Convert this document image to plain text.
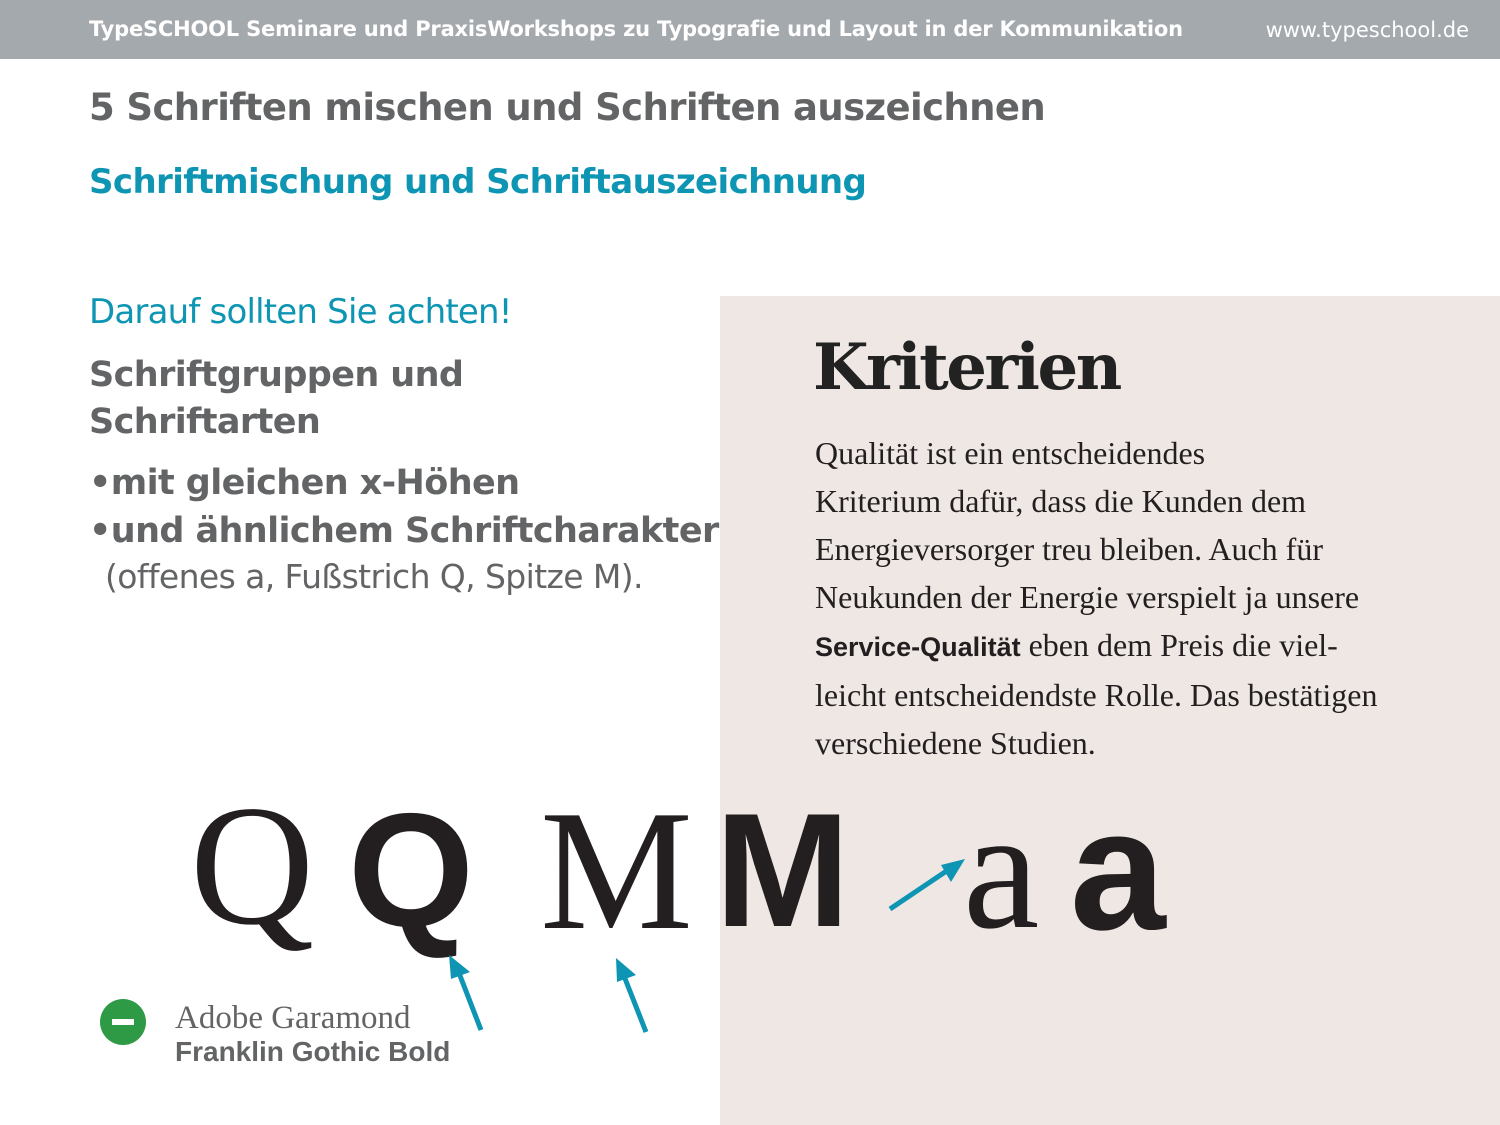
TypeSCHOOL Seminare und PraxisWorkshops zu Typografie und Layout in der Kommunikation	www.typeschool.de
5 Schriften mischen und Schriften auszeichnen
Schriftmischung und Schriftauszeichnung
Darauf sollten Sie achten!
Schriftgruppen und Schriftarten
• mit gleichen x-Höhen
• und ähnlichem Schriftcharakter
(offenes a, Fußstrich Q, Spitze M).
Kriterien
Qualität ist ein entscheidendes
Kriterium dafür, dass die Kunden dem
Energieversorger treu bleiben. Auch für
Neukunden der Energie verspielt ja unsere
Service-Qualität eben dem Preis die viel-
leicht entscheidendste Rolle. Das bestätigen
verschiedene Studien.
Q Q M M a a
Adobe Garamond
Franklin Gothic Bold
